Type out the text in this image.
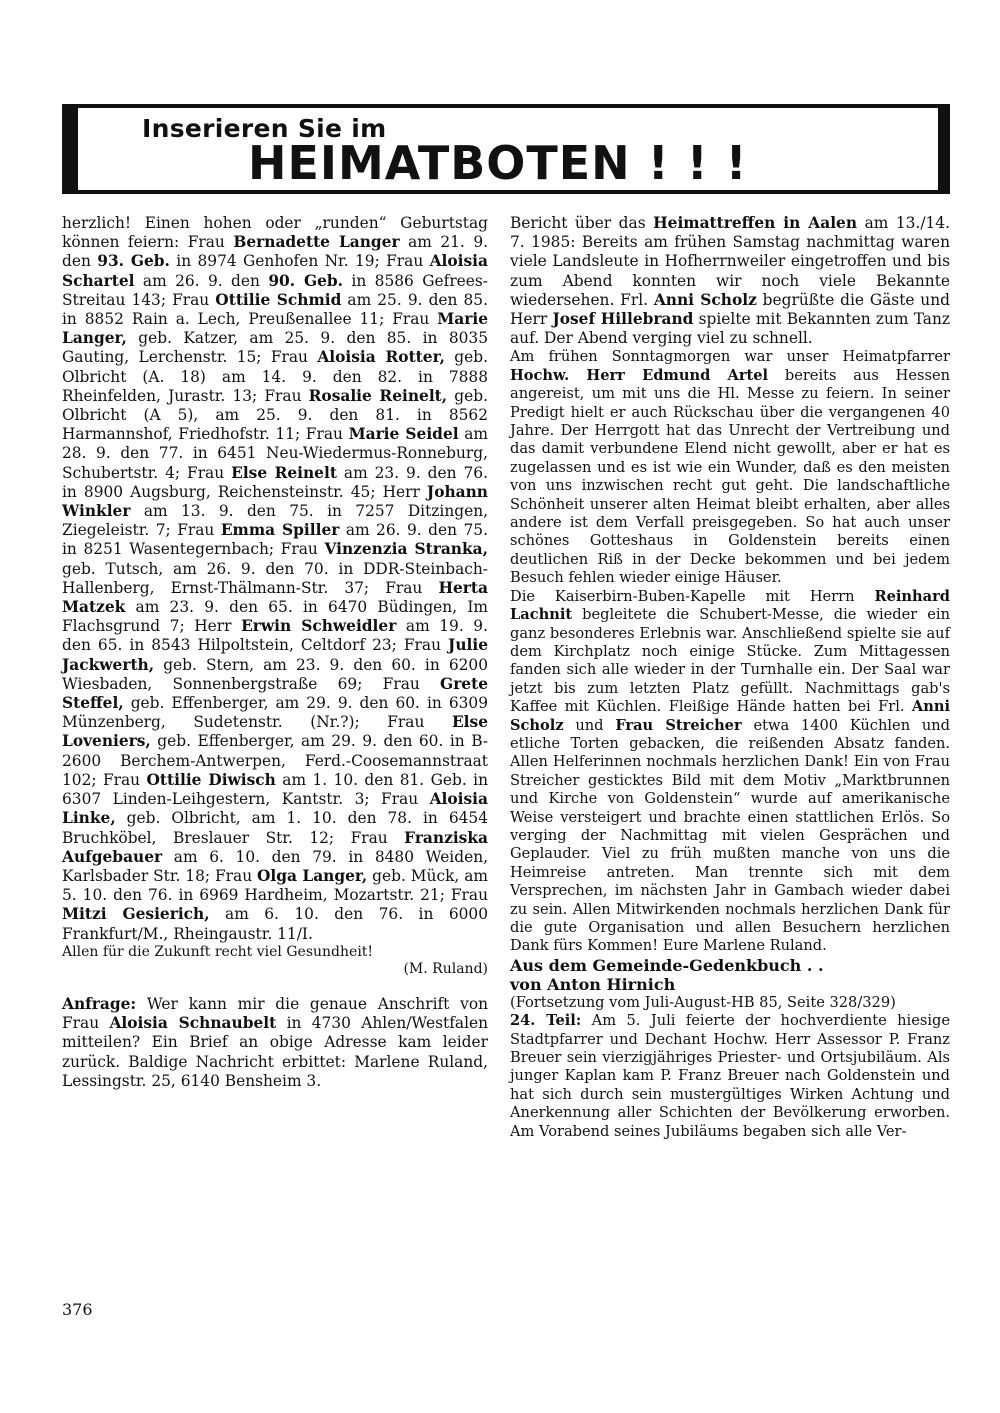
Inserieren Sie im
HEIMATBOTEN ! ! !

herzlich! Einen hohen oder „runden“ Geburtstag können feiern: Frau Bernadette Langer am 21. 9. den 93. Geb. in 8974 Genhofen Nr. 19; Frau Aloisia Schartel am 26. 9. den 90. Geb. in 8586 Gefrees-Streitau 143; Frau Ottilie Schmid am 25. 9. den 85. in 8852 Rain a. Lech, Preußenallee 11; Frau Marie Langer, geb. Katzer, am 25. 9. den 85. in 8035 Gauting, Lerchenstr. 15; Frau Aloisia Rotter, geb. Olbricht (A. 18) am 14. 9. den 82. in 7888 Rheinfelden, Jurastr. 13; Frau Rosalie Reinelt, geb. Olbricht (A 5), am 25. 9. den 81. in 8562 Harmannshof, Friedhofstr. 11; Frau Marie Seidel am 28. 9. den 77. in 6451 Neu-Wiedermus-Ronneburg, Schubertstr. 4; Frau Else Reinelt am 23. 9. den 76. in 8900 Augsburg, Reichensteinstr. 45; Herr Johann Winkler am 13. 9. den 75. in 7257 Ditzingen, Ziegeleistr. 7; Frau Emma Spiller am 26. 9. den 75. in 8251 Wasentegernbach; Frau Vinzenzia Stranka, geb. Tutsch, am 26. 9. den 70. in DDR-Steinbach-Hallenberg, Ernst-Thälmann-Str. 37; Frau Herta Matzek am 23. 9. den 65. in 6470 Büdingen, Im Flachsgrund 7; Herr Erwin Schweidler am 19. 9. den 65. in 8543 Hilpoltstein, Celtdorf 23; Frau Julie Jackwerth, geb. Stern, am 23. 9. den 60. in 6200 Wiesbaden, Sonnenbergstraße 69; Frau Grete Steffel, geb. Effenberger, am 29. 9. den 60. in 6309 Münzenberg, Sudetenstr. (Nr.?); Frau Else Loveniers, geb. Effenberger, am 29. 9. den 60. in B-2600 Berchem-Antwerpen, Ferd.-Coosemannstraat 102; Frau Ottilie Diwisch am 1. 10. den 81. Geb. in 6307 Linden-Leihgestern, Kantstr. 3; Frau Aloisia Linke, geb. Olbricht, am 1. 10. den 78. in 6454 Bruchköbel, Breslauer Str. 12; Frau Franziska Aufgebauer am 6. 10. den 79. in 8480 Weiden, Karlsbader Str. 18; Frau Olga Langer, geb. Mück, am 5. 10. den 76. in 6969 Hardheim, Mozartstr. 21; Frau Mitzi Gesierich, am 6. 10. den 76. in 6000 Frankfurt/M., Rheingaustr. 11/I.

Allen für die Zukunft recht viel Gesundheit!

(M. Ruland)

Anfrage: Wer kann mir die genaue Anschrift von Frau Aloisia Schnaubelt in 4730 Ahlen/Westfalen mitteilen? Ein Brief an obige Adresse kam leider zurück. Baldige Nachricht erbittet: Marlene Ruland, Lessingstr. 25, 6140 Bensheim 3.

Bericht über das Heimattreffen in Aalen am 13./14. 7. 1985: Bereits am frühen Samstag nachmittag waren viele Landsleute in Hofherrnweiler eingetroffen und bis zum Abend konnten wir noch viele Bekannte wiedersehen. Frl. Anni Scholz begrüßte die Gäste und Herr Josef Hillebrand spielte mit Bekannten zum Tanz auf. Der Abend verging viel zu schnell.

Am frühen Sonntagmorgen war unser Heimatpfarrer Hochw. Herr Edmund Artel bereits aus Hessen angereist, um mit uns die Hl. Messe zu feiern. In seiner Predigt hielt er auch Rückschau über die vergangenen 40 Jahre. Der Herrgott hat das Unrecht der Vertreibung und das damit verbundene Elend nicht gewollt, aber er hat es zugelassen und es ist wie ein Wunder, daß es den meisten von uns inzwischen recht gut geht. Die landschaftliche Schönheit unserer alten Heimat bleibt erhalten, aber alles andere ist dem Verfall preisgegeben. So hat auch unser schönes Gotteshaus in Goldenstein bereits einen deutlichen Riß in der Decke bekommen und bei jedem Besuch fehlen wieder einige Häuser.

Die Kaiserbirn-Buben-Kapelle mit Herrn Reinhard Lachnit begleitete die Schubert-Messe, die wieder ein ganz besonderes Erlebnis war. Anschließend spielte sie auf dem Kirchplatz noch einige Stücke. Zum Mittagessen fanden sich alle wieder in der Turnhalle ein. Der Saal war jetzt bis zum letzten Platz gefüllt. Nachmittags gab's Kaffee mit Küchlen. Fleißige Hände hatten bei Frl. Anni Scholz und Frau Streicher etwa 1400 Küchlen und etliche Torten gebacken, die reißenden Absatz fanden. Allen Helferinnen nochmals herzlichen Dank! Ein von Frau Streicher gesticktes Bild mit dem Motiv „Marktbrunnen und Kirche von Goldenstein“ wurde auf amerikanische Weise versteigert und brachte einen stattlichen Erlös. So verging der Nachmittag mit vielen Gesprächen und Geplauder. Viel zu früh mußten manche von uns die Heimreise antreten. Man trennte sich mit dem Versprechen, im nächsten Jahr in Gambach wieder dabei zu sein. Allen Mitwirkenden nochmals herzlichen Dank für die gute Organisation und allen Besuchern herzlichen Dank fürs Kommen! Eure Marlene Ruland.

Aus dem Gemeinde-Gedenkbuch . .
von Anton Hirnich

(Fortsetzung vom Juli-August-HB 85, Seite 328/329)

24. Teil: Am 5. Juli feierte der hochverdiente hiesige Stadtpfarrer und Dechant Hochw. Herr Assessor P. Franz Breuer sein vierzigjähriges Priester- und Ortsjubiläum. Als junger Kaplan kam P. Franz Breuer nach Goldenstein und hat sich durch sein mustergültiges Wirken Achtung und Anerkennung aller Schichten der Bevölkerung erworben. Am Vorabend seines Jubiläums begaben sich alle Ver-

376
